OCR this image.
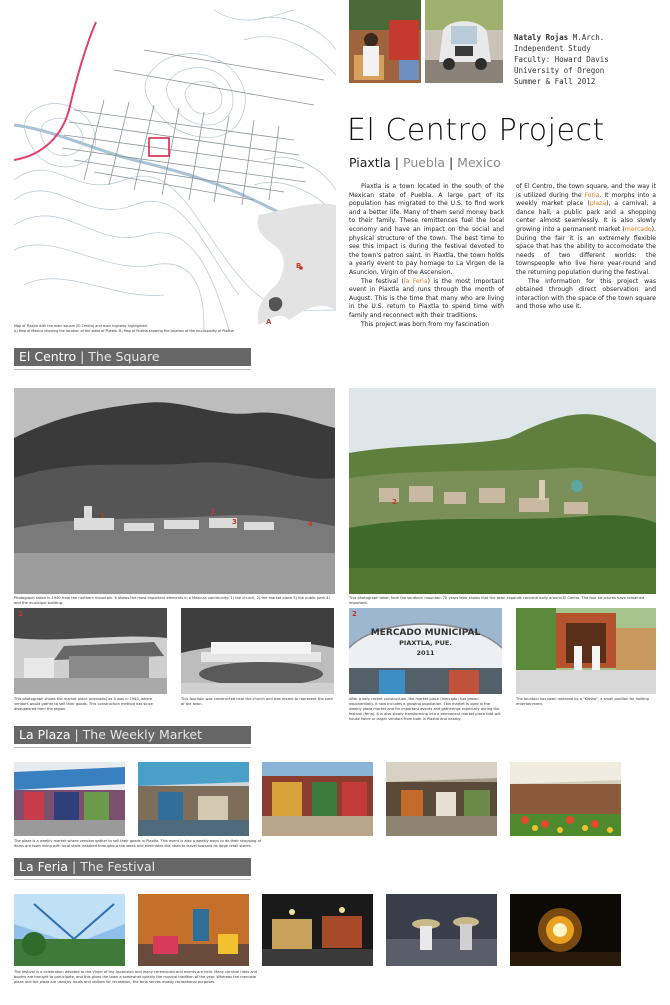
B
A
Map of Piaxtla with the main square (El Centro) and main highway highlighted.
A) Map of Mexico showing the location of the state of Puebla. B) Map of Puebla showing the location of the municipality of Piaxtla.
Nataly Rojas M.Arch.
Independent Study
Faculty: Howard Davis
University of Oregon
Summer & Fall 2012
El Centro Project
Piaxtla | Puebla | Mexico

Piaxtla is a town located in the south of the Mexican state of Puebla. A large part of its population has migrated to the U.S. to find work and a better life. Many of them send money back to their family. These remittences fuel the local economy and have an impact on the social and physical structure of the town. The best time to see this impact is during the festival devoted to the town's patron saint. In Piaxtla, the town holds a yearly event to pay homage to La Virgen de la Asuncion, Virgin of the Ascension.

The festival (la Feria) is the most important event in Piaxtla and runs through the month of August. This is the time that many who are living in the U.S. return to Piaxtla to spend time with family and reconnect with their traditions.

This project was born from my fascination

of El Centro, the town square, and the way it is utilized during the Feria. It morphs into a weekly market place (plaza), a carnival, a dance hall, a public park and a shopping center almost seamlessly. It is also slowly growing into a permanent market (mercado). During the fair it is an extremely flexible space that has the ability to accomodate the needs of two different worlds: the townspeople who live here year-round and the returning population during the festival.

The information for this project was obtained through direct observation and interaction with the space of the town square and those who use it.

El Centro | The Square
1	2
3	4
Photograph taken in 1940 from the northern mountain. It shows the most important elements in a Mexican community: 1) the church, 2) the market place 3) the public park 4) and the municipal building.
2
This photograph taken from the southern mountain 70 years later shows that the town expands concentrically around El Centro. The four structures have remained important.
2
This photograph shows the market place (mercado) as it was in 1940, where vendors would gather to sell their goods. This construction method has since disappeared from the region.
This fountain was constructed near the church and was meant to represent the core of the town.
MERCADO MUNICIPAL
PIAXTLA, PUE.
2011
2
After a very recent construction, the market place (mercado) has grown exponentially. It now includes a growing population. This market is used in the weekly plaza market and for important events and gatherings especially during the festival (feria). It is also slowly transforming into a permanent market place that will house twice or larger vendors from both in Piaxtla and nearby.
The fountain has been replaced by a "Kiosko", a small pavilion for holding entertainment.
La Plaza | The Weekly Market
The plaza is a weekly market where vendors gather to sell their goods in Piaxtla. This event is also a weekly ways to do their shopping of items are town living with local stalls installed throughout the week and eliminates the need to travel towards its large retail stores.
La Feria | The Festival
The festival is a celebration devoted to the Virgin of the Ascension and many ceremonies and events are held. Many carnival rides and booths are brought to participate, and this gives the town a somewhat quickly the musical tradition of the year. Whereas the mercado plaza and the plaza are used by locals and visitors for recreation, the feria serves mostly recreational purposes.
